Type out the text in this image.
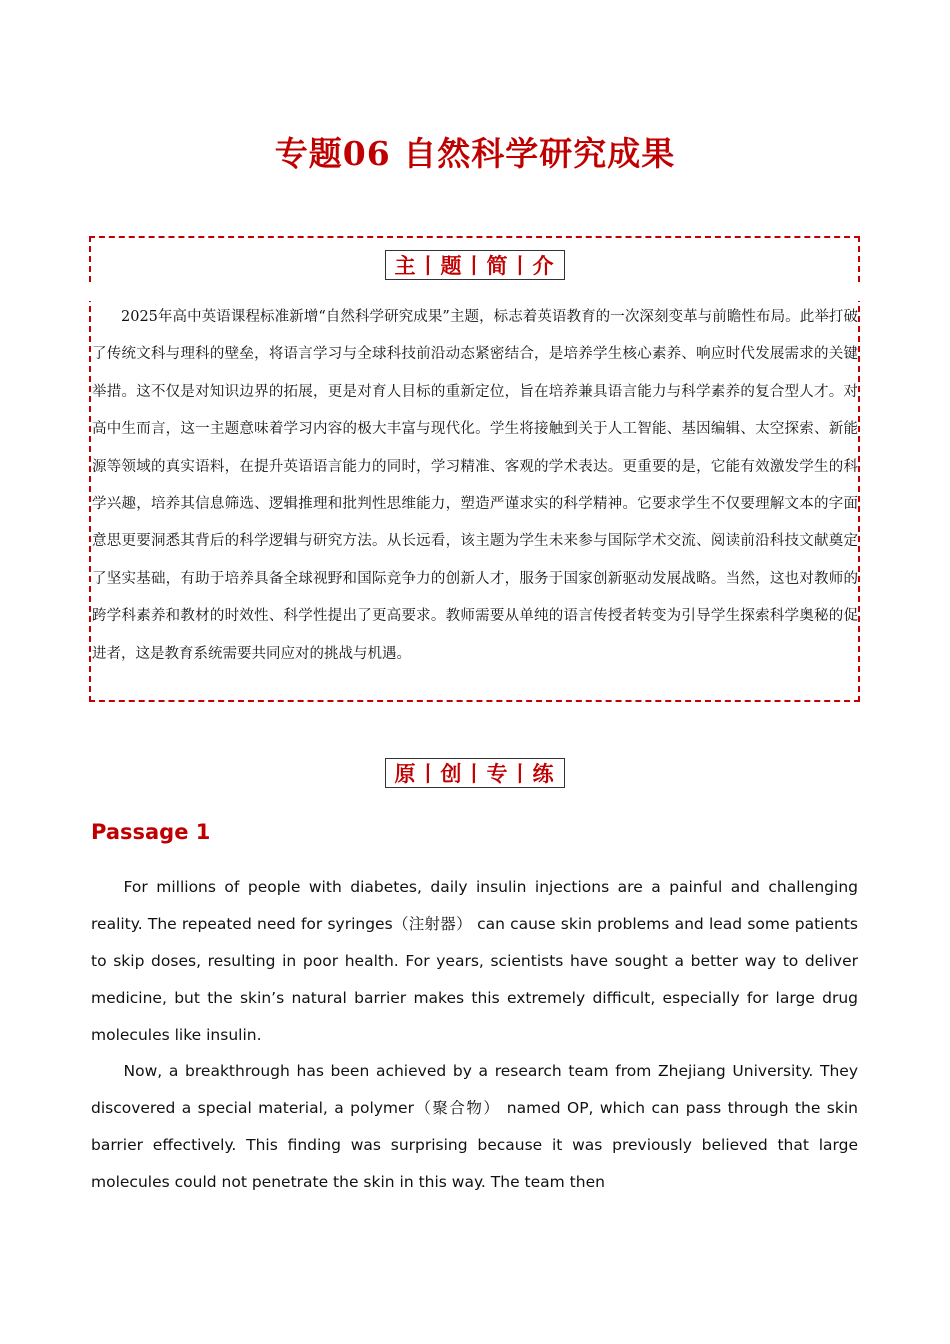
专题06 自然科学研究成果
主丨题丨简丨介

2025年高中英语课程标准新增“自然科学研究成果”主题，标志着英语教育的一次深刻变革与前瞻性布局。此举打破了传统文科与理科的壁垒，将语言学习与全球科技前沿动态紧密结合，是培养学生核心素养、响应时代发展需求的关键举措。这不仅是对知识边界的拓展，更是对育人目标的重新定位，旨在培养兼具语言能力与科学素养的复合型人才。对高中生而言，这一主题意味着学习内容的极大丰富与现代化。学生将接触到关于人工智能、基因编辑、太空探索、新能源等领域的真实语料，在提升英语语言能力的同时，学习精准、客观的学术表达。更重要的是，它能有效激发学生的科学兴趣，培养其信息筛选、逻辑推理和批判性思维能力，塑造严谨求实的科学精神。它要求学生不仅要理解文本的字面意思更要洞悉其背后的科学逻辑与研究方法。从长远看，该主题为学生未来参与国际学术交流、阅读前沿科技文献奠定了坚实基础，有助于培养具备全球视野和国际竞争力的创新人才，服务于国家创新驱动发展战略。当然，这也对教师的跨学科素养和教材的时效性、科学性提出了更高要求。教师需要从单纯的语言传授者转变为引导学生探索科学奥秘的促进者，这是教育系统需要共同应对的挑战与机遇。

原丨创丨专丨练
Passage 1

For millions of people with diabetes, daily insulin injections are a painful and challenging reality. The repeated need for syringes（注射器） can cause skin problems and lead some patients to skip doses, resulting in poor health. For years, scientists have sought a better way to deliver medicine, but the skin’s natural barrier makes this extremely difficult, especially for large drug molecules like insulin.

Now, a breakthrough has been achieved by a research team from Zhejiang University. They discovered a special material, a polymer（聚合物） named OP, which can pass through the skin barrier effectively. This finding was surprising because it was previously believed that large molecules could not penetrate the skin in this way. The team then
